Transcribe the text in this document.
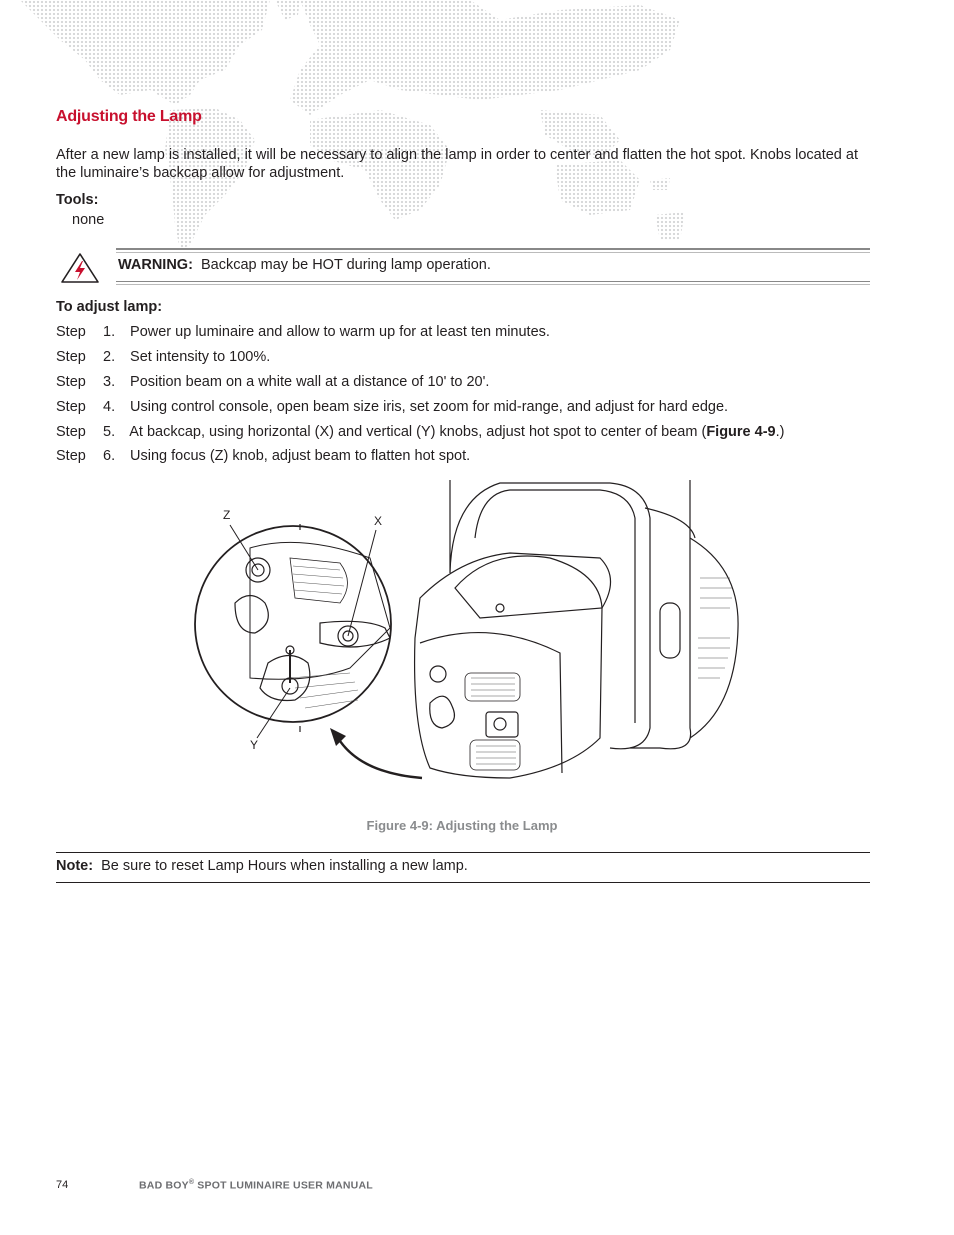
Adjusting the Lamp
After a new lamp is installed, it will be necessary to align the lamp in order to center and flatten the hot spot. Knobs located at the luminaire’s backcap allow for adjustment.
Tools:
none
WARNING: Backcap may be HOT during lamp operation.
To adjust lamp:
Step 1. Power up luminaire and allow to warm up for at least ten minutes.
Step 2. Set intensity to 100%.
Step 3. Position beam on a white wall at a distance of 10' to 20'.
Step 4. Using control console, open beam size iris, set zoom for mid-range, and adjust for hard edge.
Step 5. At backcap, using horizontal (X) and vertical (Y) knobs, adjust hot spot to center of beam (Figure 4-9.)
Step 6. Using focus (Z) knob, adjust beam to flatten hot spot.
Z	X
Y
Figure 4-9: Adjusting the Lamp
Note: Be sure to reset Lamp Hours when installing a new lamp.
74	BAD BOY® SPOT LUMINAIRE USER MANUAL
